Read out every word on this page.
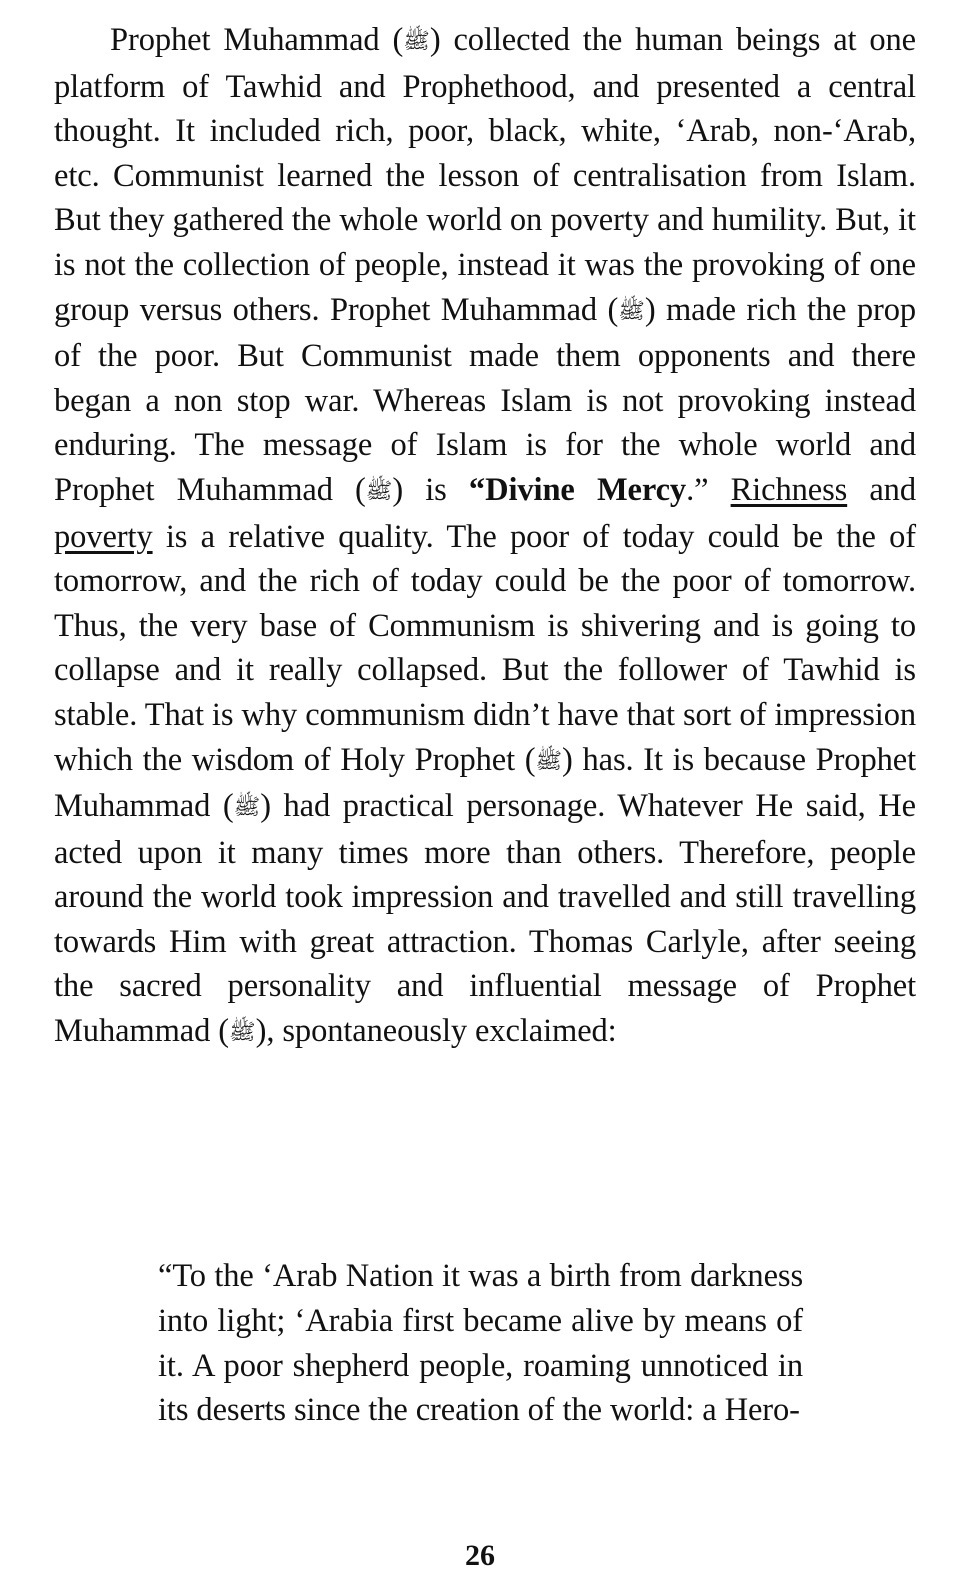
Prophet Muhammad (ﷺ) collected the human beings at one platform of Tawhid and Prophethood, and presented a central thought. It included rich, poor, black, white, ‘Arab, non-‘Arab, etc. Communist learned the lesson of centralisation from Islam. But they gathered the whole world on poverty and humility. But, it is not the collection of people, instead it was the provoking of one group versus others. Prophet Muhammad (ﷺ) made rich the prop of the poor. But Communist made them opponents and there began a non stop war. Whereas Islam is not provoking instead enduring. The message of Islam is for the whole world and Prophet Muhammad (ﷺ) is “Divine Mercy.” Richness and poverty is a relative quality. The poor of today could be the of tomorrow, and the rich of today could be the poor of tomorrow. Thus, the very base of Communism is shivering and is going to collapse and it really collapsed. But the follower of Tawhid is stable. That is why communism didn’t have that sort of impression which the wisdom of Holy Prophet (ﷺ) has. It is because Prophet Muhammad (ﷺ) had practical personage. Whatever He said, He acted upon it many times more than others. Therefore, people around the world took impression and travelled and still travelling towards Him with great attraction. Thomas Carlyle, after seeing the sacred personality and influential message of Prophet Muhammad (ﷺ), spontaneously exclaimed:

“To the ‘Arab Nation it was a birth from darkness into light; ‘Arabia first became alive by means of it. A poor shepherd people, roaming unnoticed in its deserts since the creation of the world: a Hero-

26
